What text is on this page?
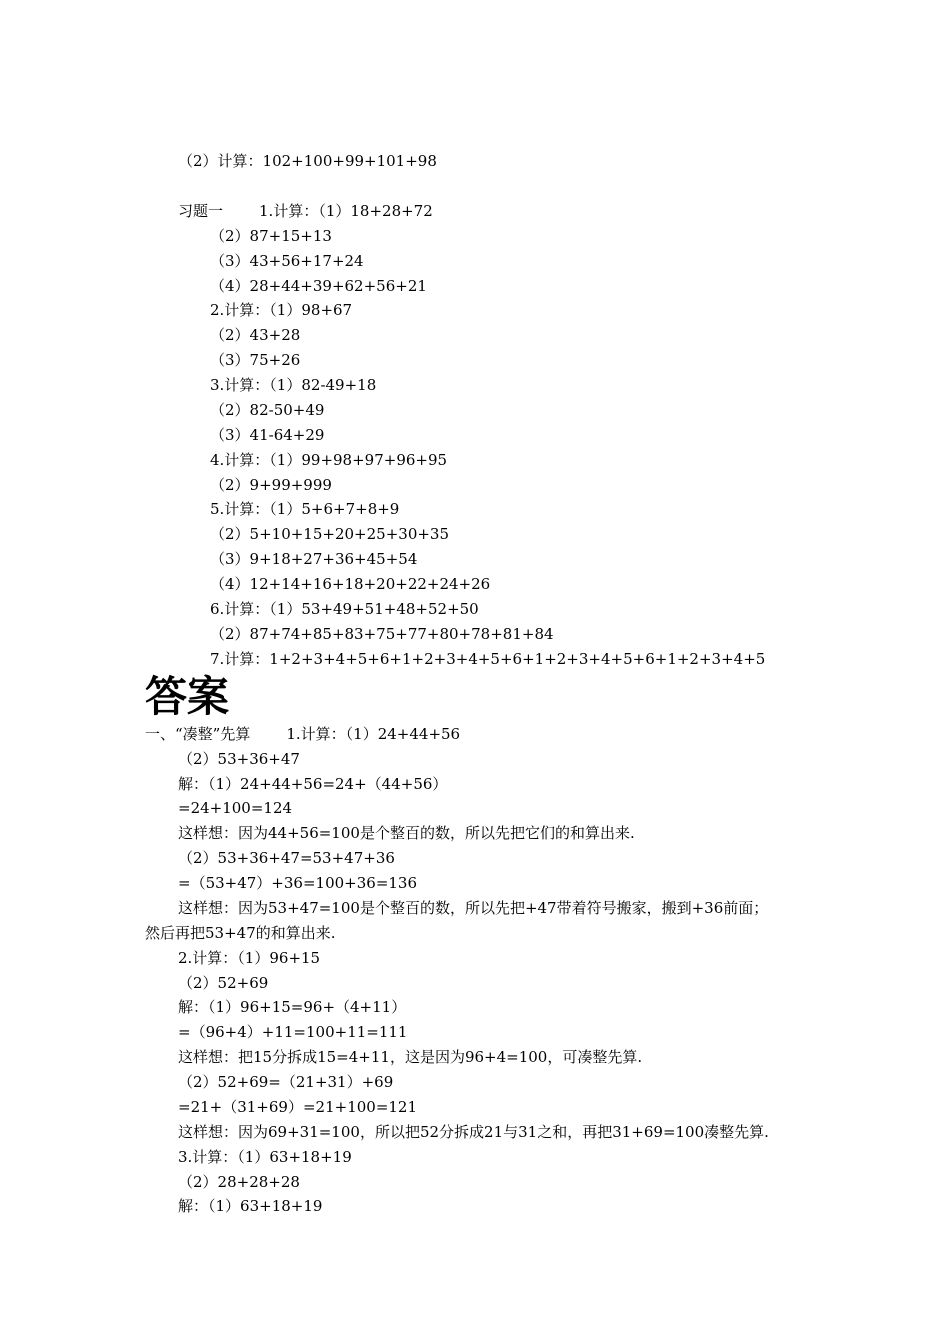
（2）计算：102+100+99+101+98
习题一 1.计算：（1）18+28+72
（2）87+15+13
（3）43+56+17+24
（4）28+44+39+62+56+21
2.计算：（1）98+67
（2）43+28
（3）75+26
3.计算：（1）82-49+18
（2）82-50+49
（3）41-64+29
4.计算：（1）99+98+97+96+95
（2）9+99+999
5.计算：（1）5+6+7+8+9
（2）5+10+15+20+25+30+35
（3）9+18+27+36+45+54
（4）12+14+16+18+20+22+24+26
6.计算：（1）53+49+51+48+52+50
（2）87+74+85+83+75+77+80+78+81+84
7.计算：1+2+3+4+5+6+1+2+3+4+5+6+1+2+3+4+5+6+1+2+3+4+5
答案
一、“凑整”先算 1.计算：（1）24+44+56
（2）53+36+47
解：（1）24+44+56=24+（44+56）
=24+100=124
这样想：因为44+56=100是个整百的数，所以先把它们的和算出来.
（2）53+36+47=53+47+36
=（53+47）+36=100+36=136
这样想：因为53+47=100是个整百的数，所以先把+47带着符号搬家，搬到+36前面；
然后再把53+47的和算出来.
2.计算：（1）96+15
（2）52+69
解：（1）96+15=96+（4+11）
=（96+4）+11=100+11=111
这样想：把15分拆成15=4+11，这是因为96+4=100，可凑整先算.
（2）52+69=（21+31）+69
=21+（31+69）=21+100=121
这样想：因为69+31=100，所以把52分拆成21与31之和，再把31+69=100凑整先算.
3.计算：（1）63+18+19
（2）28+28+28
解：（1）63+18+19
